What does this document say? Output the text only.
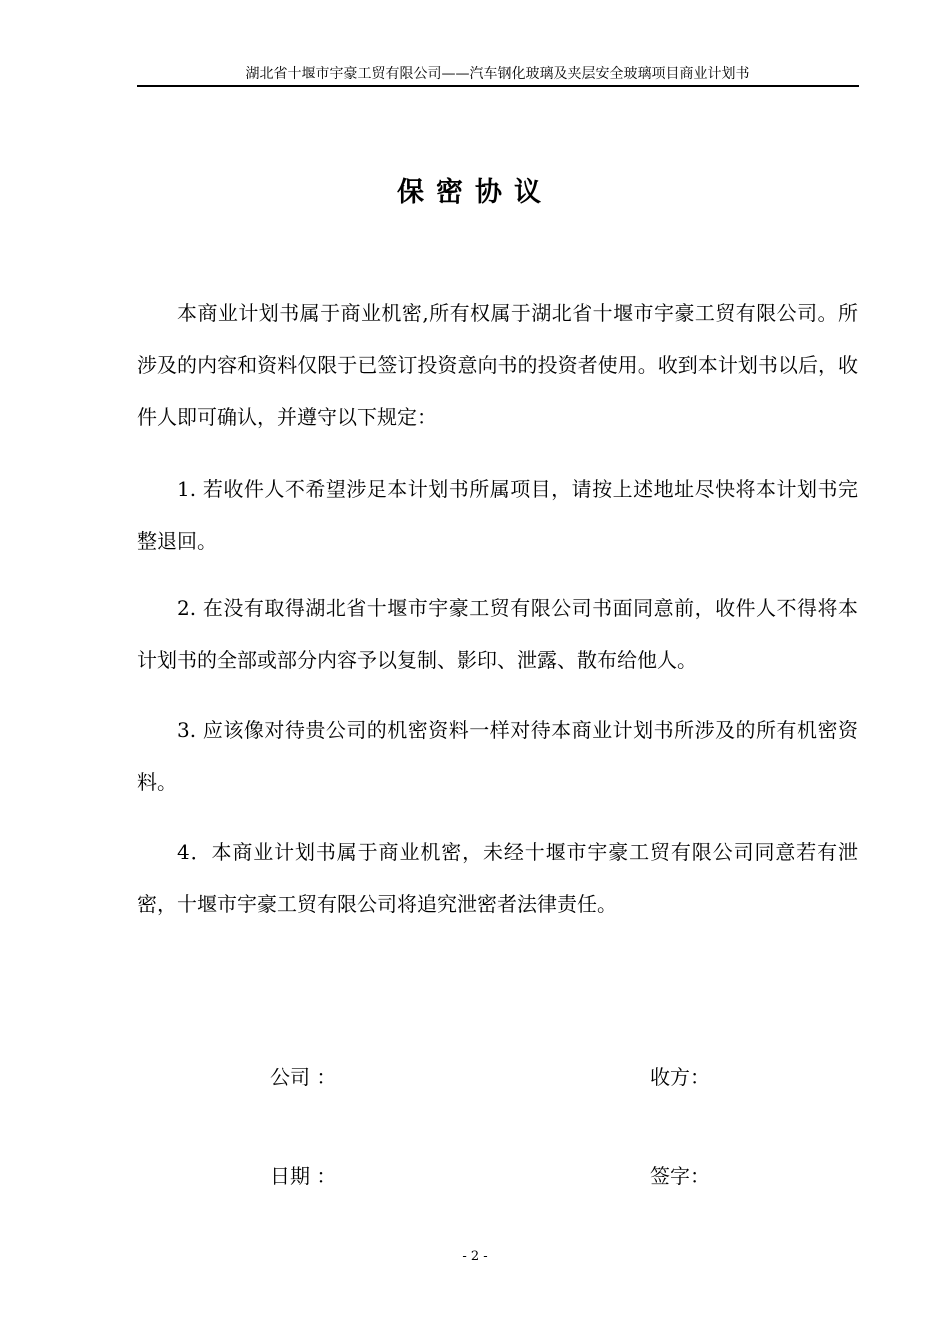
湖北省十堰市宇豪工贸有限公司——汽车钢化玻璃及夹层安全玻璃项目商业计划书
保密协议

本商业计划书属于商业机密,所有权属于湖北省十堰市宇豪工贸有限公司。所涉及的内容和资料仅限于已签订投资意向书的投资者使用。收到本计划书以后，收件人即可确认，并遵守以下规定：

1. 若收件人不希望涉足本计划书所属项目，请按上述地址尽快将本计划书完整退回。

2. 在没有取得湖北省十堰市宇豪工贸有限公司书面同意前，收件人不得将本计划书的全部或部分内容予以复制、影印、泄露、散布给他人。

3. 应该像对待贵公司的机密资料一样对待本商业计划书所涉及的所有机密资料。

4．本商业计划书属于商业机密，未经十堰市宇豪工贸有限公司同意若有泄密，十堰市宇豪工贸有限公司将追究泄密者法律责任。

公司 ：	收方：
日期 ：	签字：
- 2 -
